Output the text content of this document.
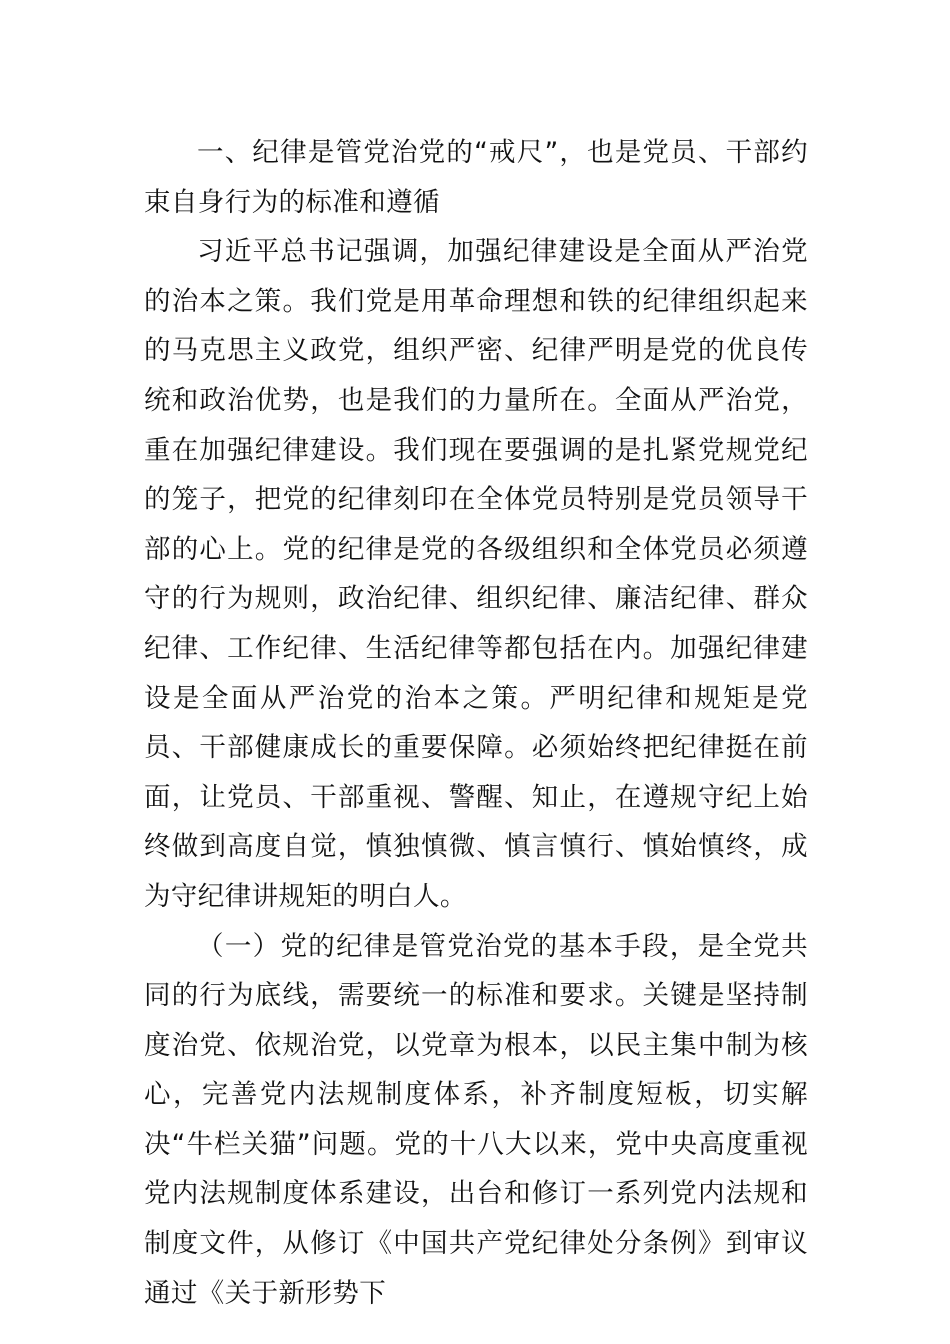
一、纪律是管党治党的“戒尺”，也是党员、干部约束自身行为的标准和遵循

习近平总书记强调，加强纪律建设是全面从严治党的治本之策。我们党是用革命理想和铁的纪律组织起来的马克思主义政党，组织严密、纪律严明是党的优良传统和政治优势，也是我们的力量所在。全面从严治党，重在加强纪律建设。我们现在要强调的是扎紧党规党纪的笼子，把党的纪律刻印在全体党员特别是党员领导干部的心上。党的纪律是党的各级组织和全体党员必须遵守的行为规则，政治纪律、组织纪律、廉洁纪律、群众纪律、工作纪律、生活纪律等都包括在内。加强纪律建设是全面从严治党的治本之策。严明纪律和规矩是党员、干部健康成长的重要保障。必须始终把纪律挺在前面，让党员、干部重视、警醒、知止，在遵规守纪上始终做到高度自觉，慎独慎微、慎言慎行、慎始慎终，成为守纪律讲规矩的明白人。

（一）党的纪律是管党治党的基本手段，是全党共同的行为底线，需要统一的标准和要求。关键是坚持制度治党、依规治党，以党章为根本，以民主集中制为核心，完善党内法规制度体系，补齐制度短板，切实解决“牛栏关猫”问题。党的十八大以来，党中央高度重视党内法规制度体系建设，出台和修订一系列党内法规和制度文件，从修订《中国共产党纪律处分条例》到审议通过《关于新形势下
